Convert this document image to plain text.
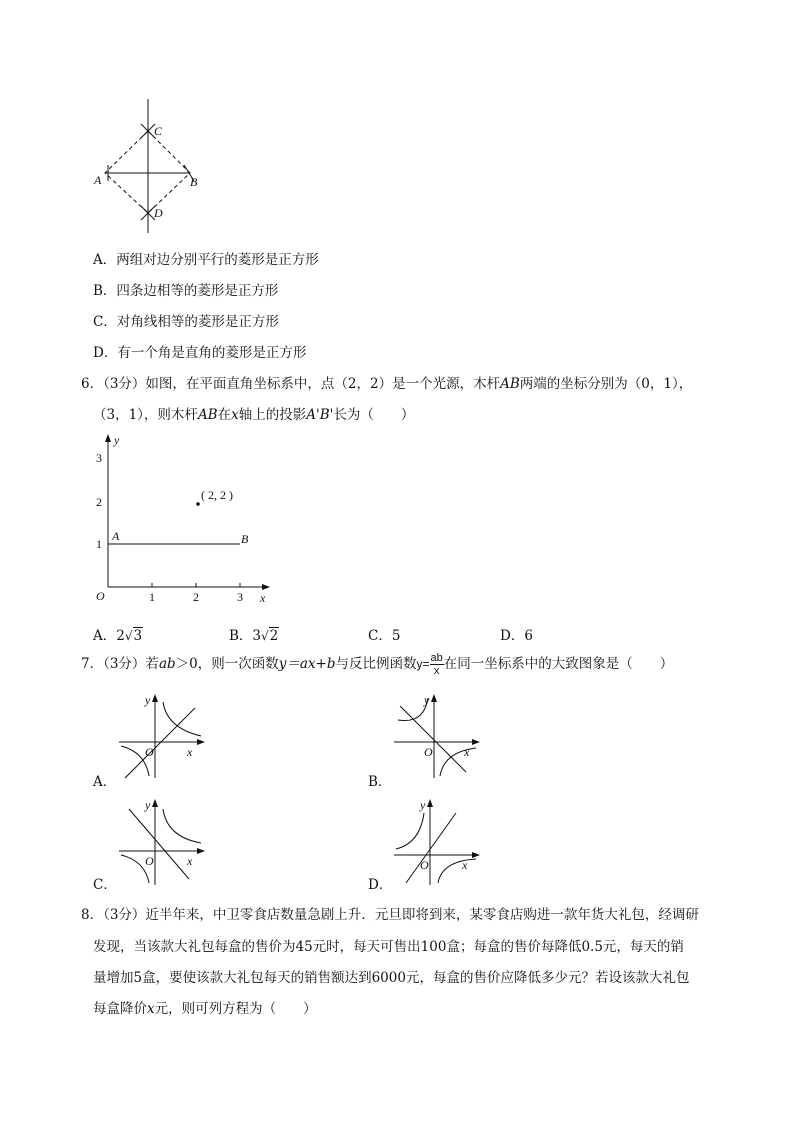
C
A	B
D
A．两组对边分别平行的菱形是正方形
B．四条边相等的菱形是正方形
C．对角线相等的菱形是正方形
D．有一个角是直角的菱形是正方形
6．（3分）如图，在平面直角坐标系中，点（2，2）是一个光源，木杆AB两端的坐标分别为（0，1），
（3，1），则木杆AB在x轴上的投影A'B'长为（　　）
y
x
O	1	2	3
1
2
3
A	B
( 2, 2 )
A．2√3	B．3√2	C．5	D．6
7．（3分）若ab＞0，则一次函数y＝ax+b与反比例函数$y= \frac{ab}{x}$ 在同一坐标系中的大致图象是（　　）
y
x
O
A．
y
x
O
B．
y
x
O
C．
y
x
O
D．
8．（3分）近半年来，中卫零食店数量急剧上升．元旦即将到来，某零食店购进一款年货大礼包，经调研
发现，当该款大礼包每盒的售价为45元时，每天可售出100盒；每盒的售价每降低0.5元，每天的销
量增加5盒，要使该款大礼包每天的销售额达到6000元，每盒的售价应降低多少元？若设该款大礼包
每盒降价x元，则可列方程为（　　）
